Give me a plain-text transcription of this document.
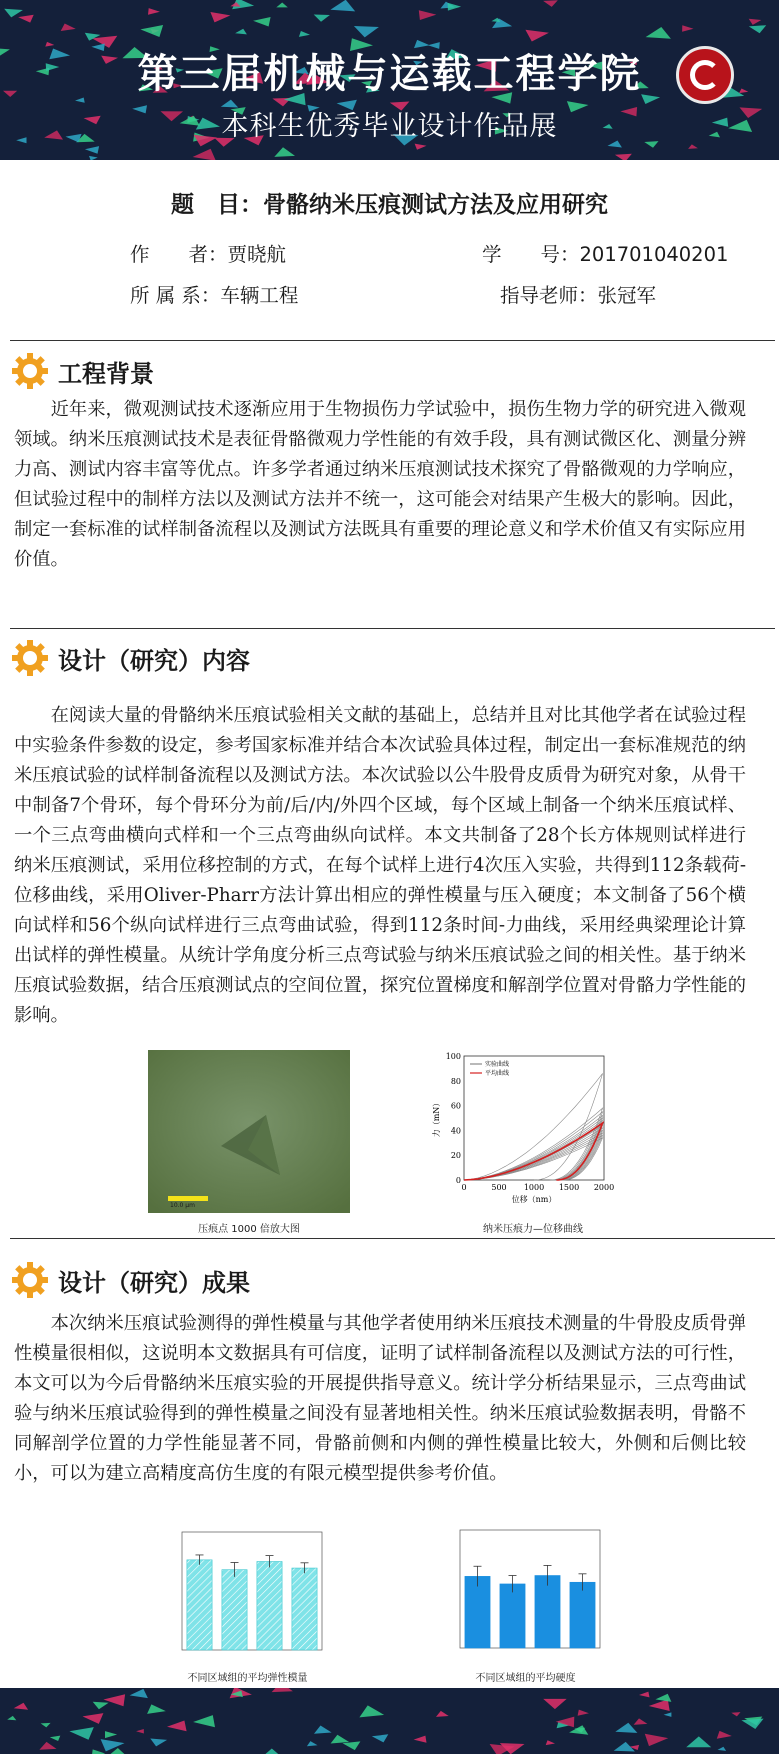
第三届机械与运载工程学院
本科生优秀毕业设计作品展
题　目：骨骼纳米压痕测试方法及应用研究
作　　者：贾晓航	学　　号：201701040201
所 属 系：车辆工程	指导老师：张冠军
工程背景

近年来，微观测试技术逐渐应用于生物损伤力学试验中，损伤生物力学的研究进入微观领域。纳米压痕测试技术是表征骨骼微观力学性能的有效手段，具有测试微区化、测量分辨力高、测试内容丰富等优点。许多学者通过纳米压痕测试技术探究了骨骼微观的力学响应，但试验过程中的制样方法以及测试方法并不统一，这可能会对结果产生极大的影响。因此，制定一套标准的试样制备流程以及测试方法既具有重要的理论意义和学术价值又有实际应用价值。

设计（研究）内容

在阅读大量的骨骼纳米压痕试验相关文献的基础上，总结并且对比其他学者在试验过程中实验条件参数的设定，参考国家标准并结合本次试验具体过程，制定出一套标准规范的纳米压痕试验的试样制备流程以及测试方法。本次试验以公牛股骨皮质骨为研究对象，从骨干中制备7个骨环，每个骨环分为前/后/内/外四个区域，每个区域上制备一个纳米压痕试样、一个三点弯曲横向式样和一个三点弯曲纵向试样。本文共制备了28个长方体规则试样进行纳米压痕测试，采用位移控制的方式，在每个试样上进行4次压入实验，共得到112条载荷-位移曲线，采用Oliver-Pharr方法计算出相应的弹性模量与压入硬度；本文制备了56个横向试样和56个纵向试样进行三点弯曲试验，得到112条时间-力曲线，采用经典梁理论计算出试样的弹性模量。从统计学角度分析三点弯试验与纳米压痕试验之间的相关性。基于纳米压痕试验数据，结合压痕测试点的空间位置，探究位置梯度和解剖学位置对骨骼力学性能的影响。

10.0 μm
压痕点 1000 倍放大图
0	500 1000 1500 2000
0
20
40
60
80
100
位移（nm）
力（mN）
实验曲线
平均曲线
纳米压痕力—位移曲线
设计（研究）成果

本次纳米压痕试验测得的弹性模量与其他学者使用纳米压痕技术测量的牛骨股皮质骨弹性模量很相似，这说明本文数据具有可信度，证明了试样制备流程以及测试方法的可行性，本文可以为今后骨骼纳米压痕实验的开展提供指导意义。统计学分析结果显示，三点弯曲试验与纳米压痕试验得到的弹性模量之间没有显著地相关性。纳米压痕试验数据表明，骨骼不同解剖学位置的力学性能显著不同，骨骼前侧和内侧的弹性模量比较大，外侧和后侧比较小，可以为建立高精度高仿生度的有限元模型提供参考价值。

不同区域组的平均弹性模量	不同区域组的平均硬度
